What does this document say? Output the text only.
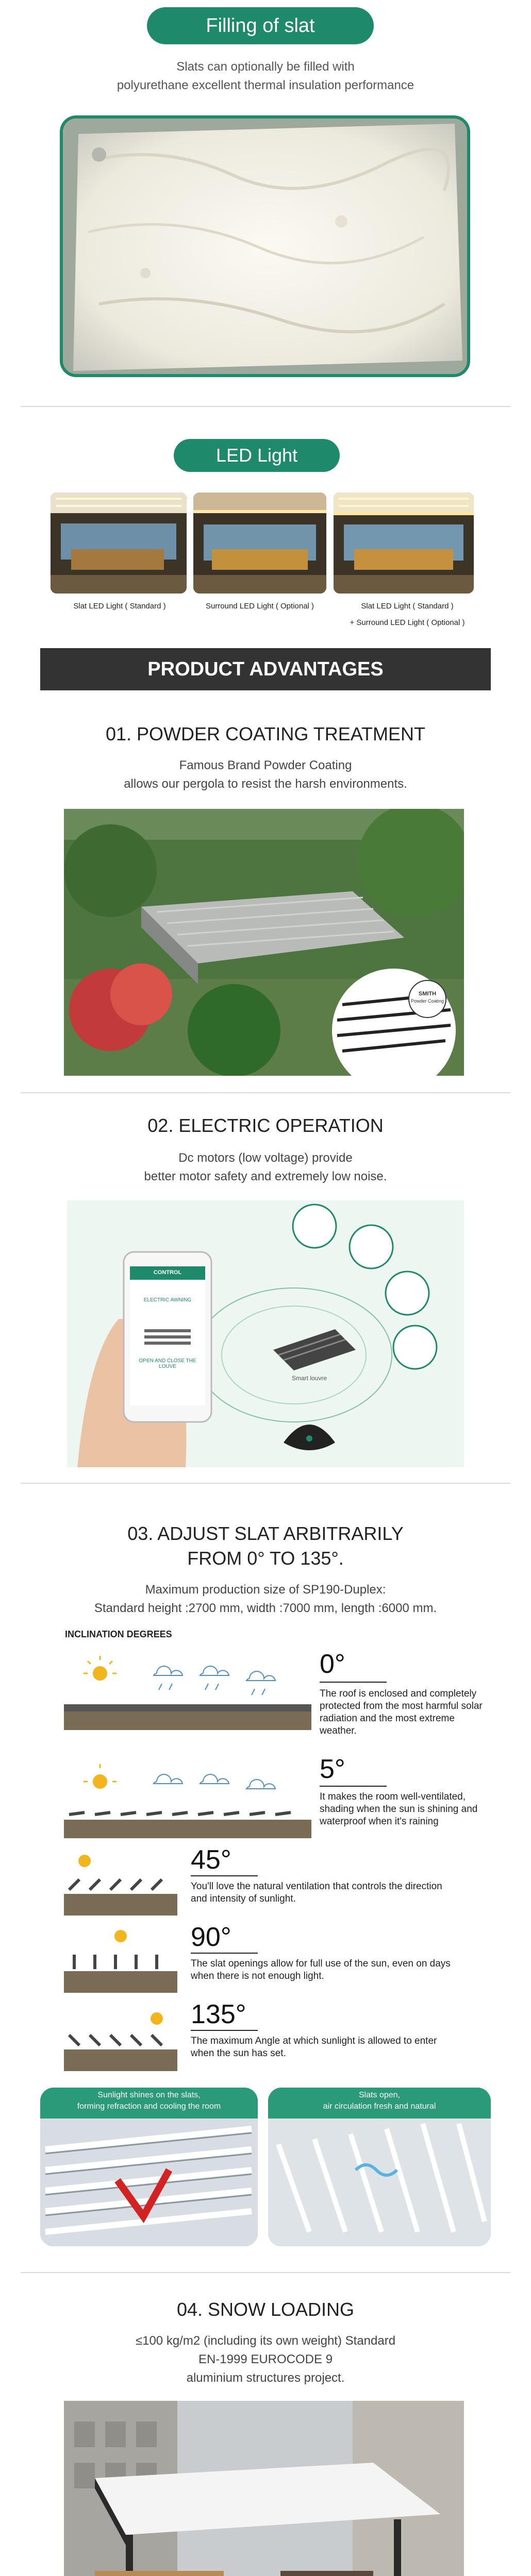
Filling of slat
Slats can optionally be filled with
polyurethane excellent thermal insulation performance
LED Light
Slat LED Light ( Standard )	Surround LED Light ( Optional )	Slat LED Light ( Standard )
+ Surround LED Light ( Optional )
PRODUCT ADVANTAGES
01. POWDER COATING TREATMENT
Famous Brand Powder Coating
allows our pergola to resist the harsh environments.
SMITH
Powder Coating
02. ELECTRIC OPERATION
Dc motors (low voltage) provide
better motor safety and extremely low noise.
CONTROL
ELECTRIC AWNING
OPEN AND CLOSE THE LOUVE
Smart louvre
03. ADJUST SLAT ARBITRARILY
FROM 0° TO 135°.
Maximum production size of SP190-Duplex:
Standard height :2700 mm, width :7000 mm, length :6000 mm.
INCLINATION DEGREES
0°
The roof is enclosed and completely protected from the most harmful solar radiation and the most extreme weather.
5°
It makes the room well-ventilated, shading when the sun is shining and waterproof when it's raining
45°
You'll love the natural ventilation that controls the direction and intensity of sunlight.
90°
The slat openings allow for full use of the sun, even on days when there is not enough light.
135°
The maximum Angle at which sunlight is allowed to enter when the sun has set.
Sunlight shines on the slats,
forming refraction and cooling the room
Slats open,
air circulation fresh and natural
04. SNOW LOADING
≤100 kg/m2 (including its own weight) Standard
EN-1999 EUROCODE 9
aluminium structures project.
